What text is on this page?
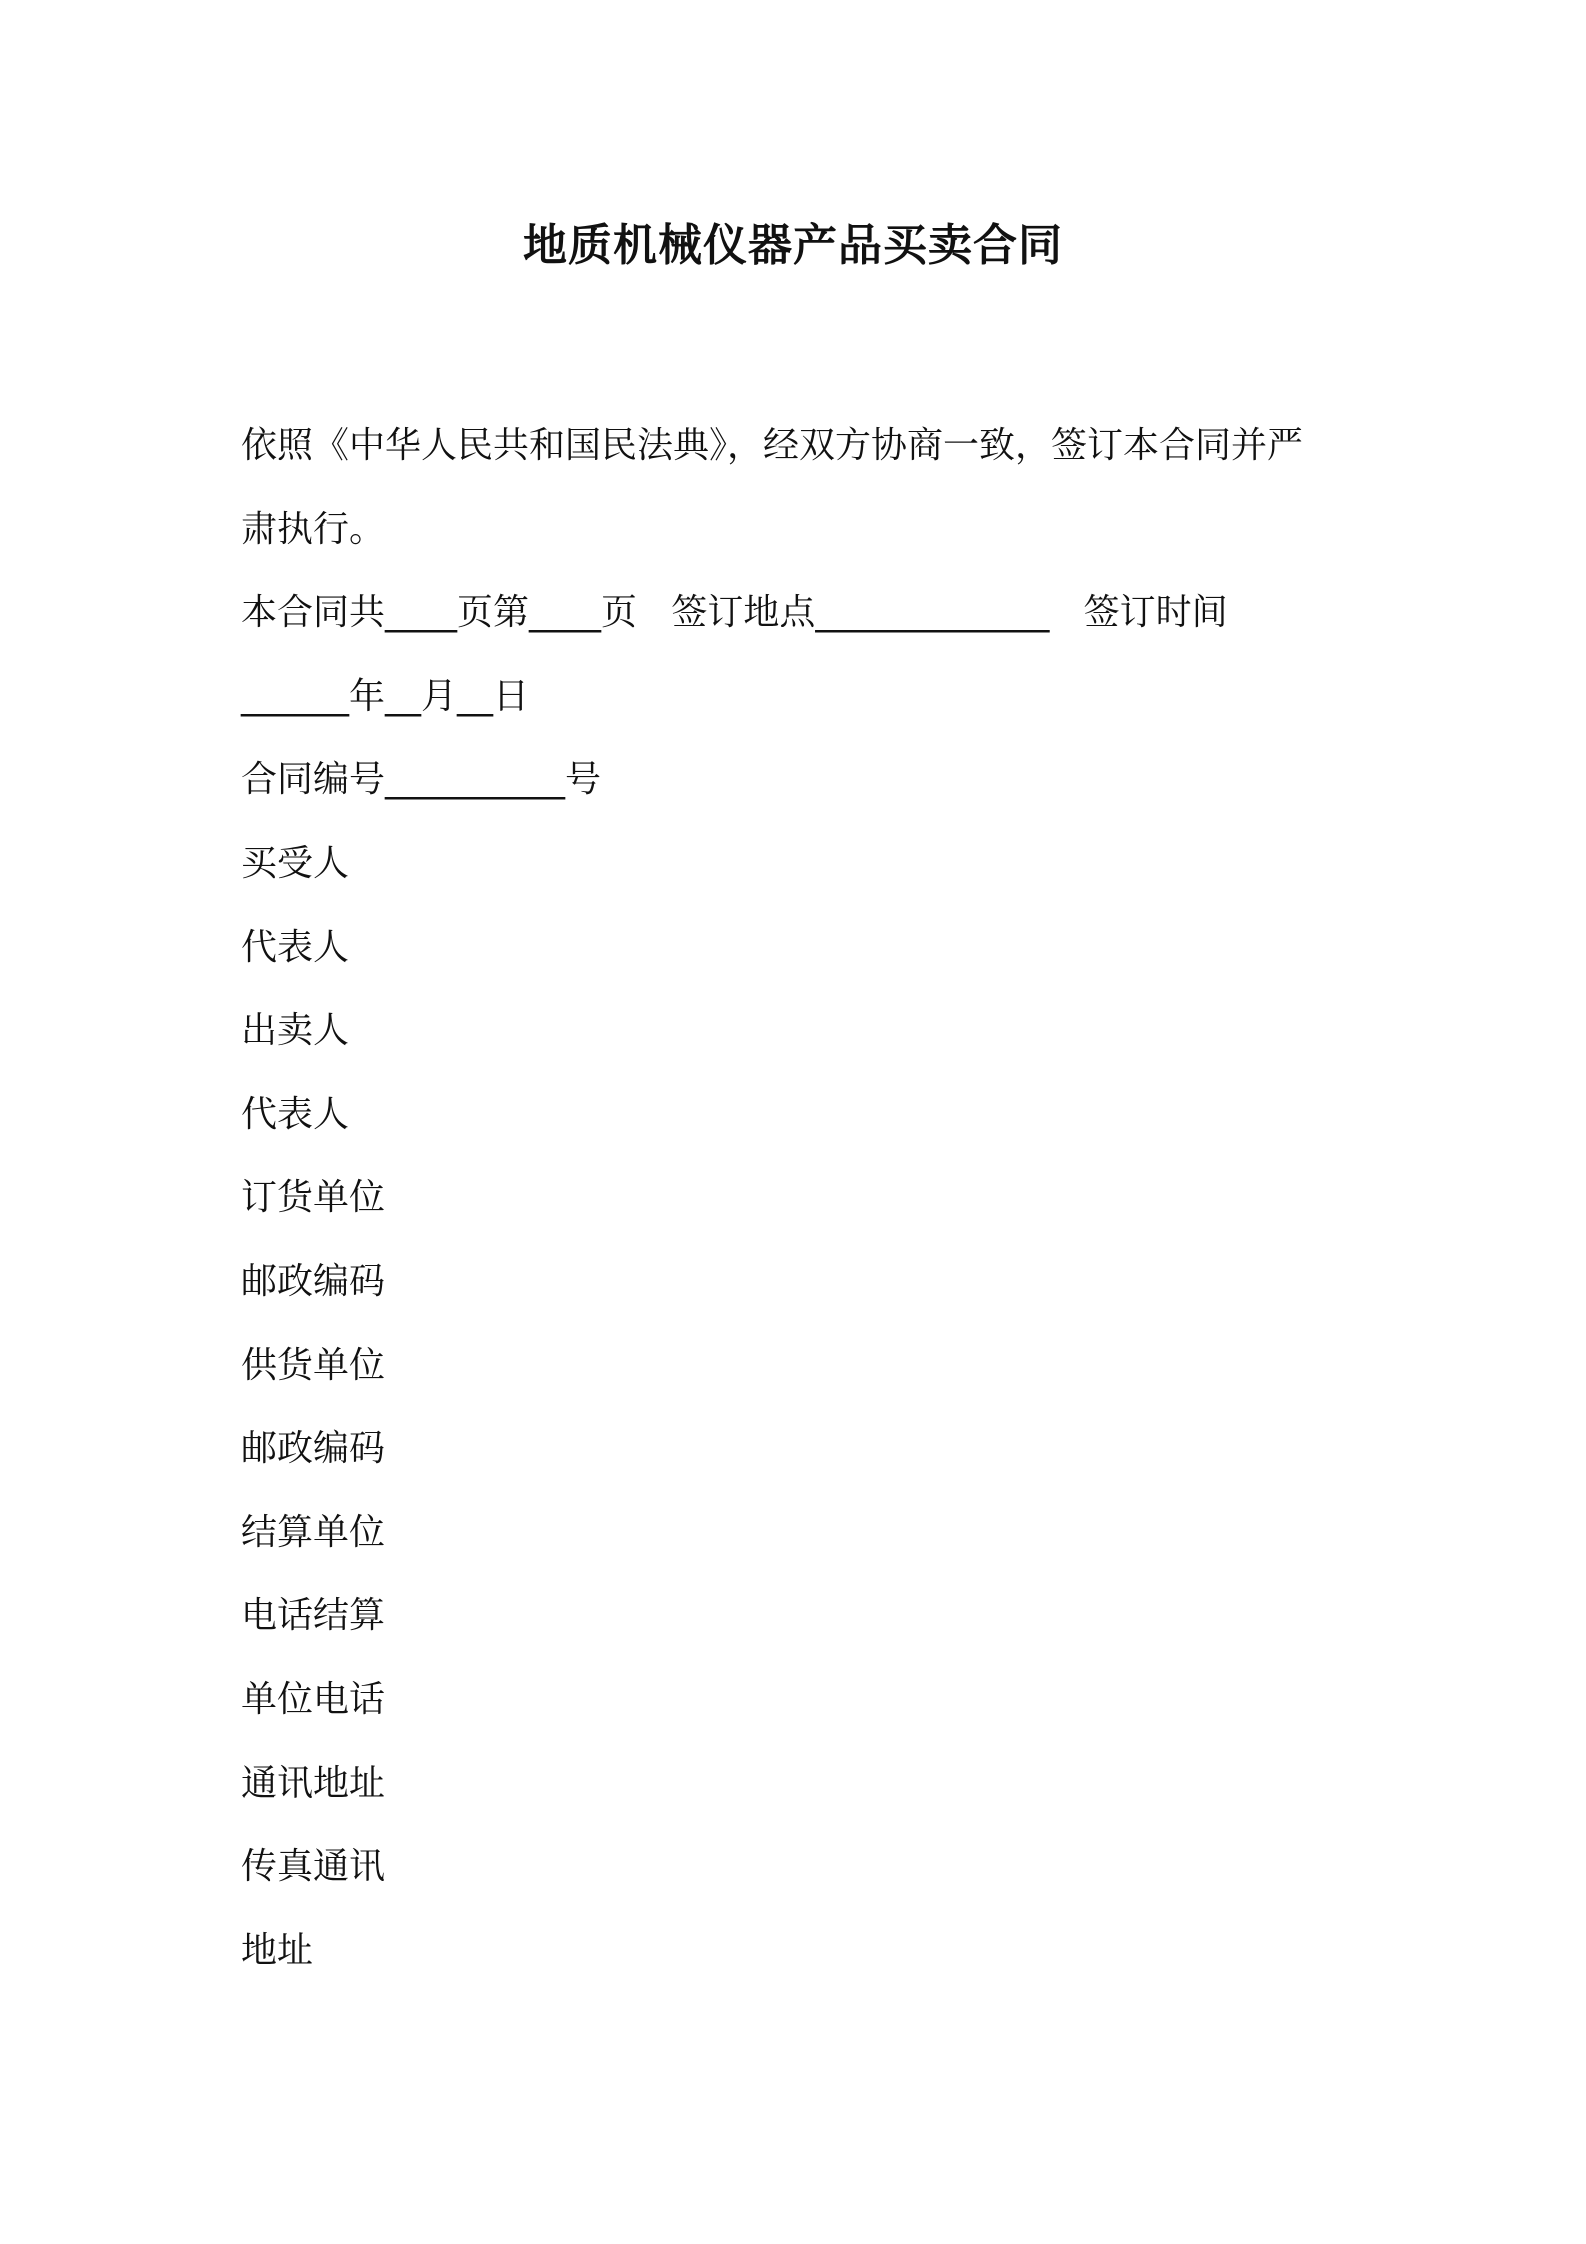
地质机械仪器产品买卖合同
依照《中华人民共和国民法典》，经双方协商一致，签订本合同并严
肃执行。
本合同共____页第____页   签订地点_____________   签订时间
______年__月__日
合同编号__________号
买受人
代表人
出卖人
代表人
订货单位
邮政编码
供货单位
邮政编码
结算单位
电话结算
单位电话
通讯地址
传真通讯
地址
